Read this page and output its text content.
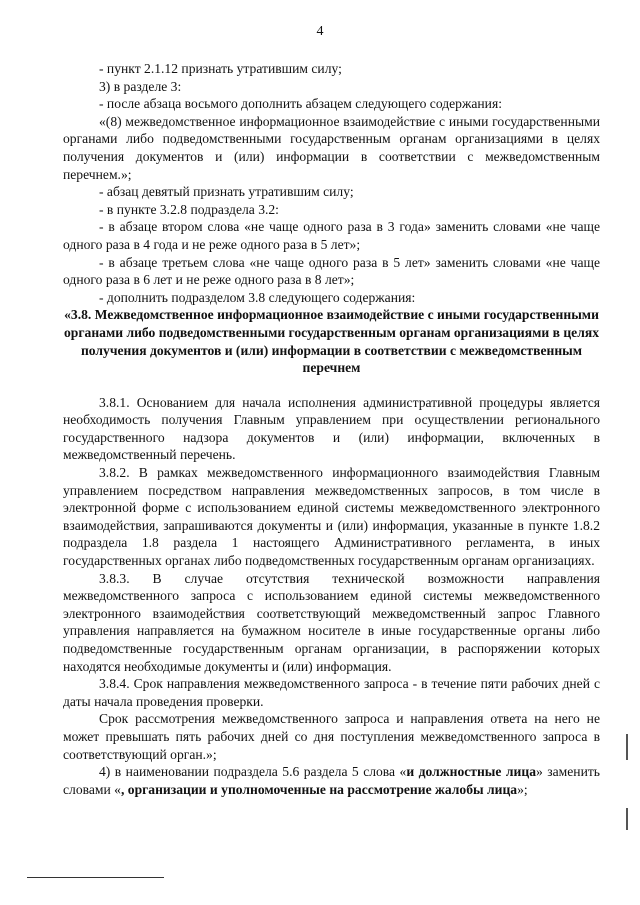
4

- пункт 2.1.12 признать утратившим силу;

3) в разделе 3:

- после абзаца восьмого дополнить абзацем следующего содержания:

«(8) межведомственное информационное взаимодействие с иными государственными органами либо подведомственными государственным органам организациями в целях получения документов и (или) информации в соответствии с межведомственным перечнем.»;

- абзац девятый признать утратившим силу;

- в пункте 3.2.8 подраздела 3.2:

- в абзаце втором слова «не чаще одного раза в 3 года» заменить словами «не чаще одного раза в 4 года и не реже одного раза в 5 лет»;

- в абзаце третьем слова «не чаще одного раза в 5 лет» заменить словами «не чаще одного раза в 6 лет и не реже одного раза в 8 лет»;

- дополнить подразделом 3.8 следующего содержания:

«3.8. Межведомственное информационное взаимодействие с иными государственными органами либо подведомственными государственным органам организациями в целях получения документов и (или) информации в соответствии с межведомственным перечнем

3.8.1. Основанием для начала исполнения административной процедуры является необходимость получения Главным управлением при осуществлении регионального государственного надзора документов и (или) информации, включенных в межведомственный перечень.

3.8.2. В рамках межведомственного информационного взаимодействия Главным управлением посредством направления межведомственных запросов, в том числе в электронной форме с использованием единой системы межведомственного электронного взаимодействия, запрашиваются документы и (или) информация, указанные в пункте 1.8.2 подраздела 1.8 раздела 1 настоящего Административного регламента, в иных государственных органах либо подведомственных государственным органам организациях.

3.8.3. В случае отсутствия технической возможности направления межведомственного запроса с использованием единой системы межведомственного электронного взаимодействия соответствующий межведомственный запрос Главного управления направляется на бумажном носителе в иные государственные органы либо подведомственные государственным органам организации, в распоряжении которых находятся необходимые документы и (или) информация.

3.8.4. Срок направления межведомственного запроса - в течение пяти рабочих дней с даты начала проведения проверки.

Срок рассмотрения межведомственного запроса и направления ответа на него не может превышать пять рабочих дней со дня поступления межведомственного запроса в соответствующий орган.»;

4) в наименовании подраздела 5.6 раздела 5 слова «и должностные лица» заменить словами «, организации и уполномоченные на рассмотрение жалобы лица»;
